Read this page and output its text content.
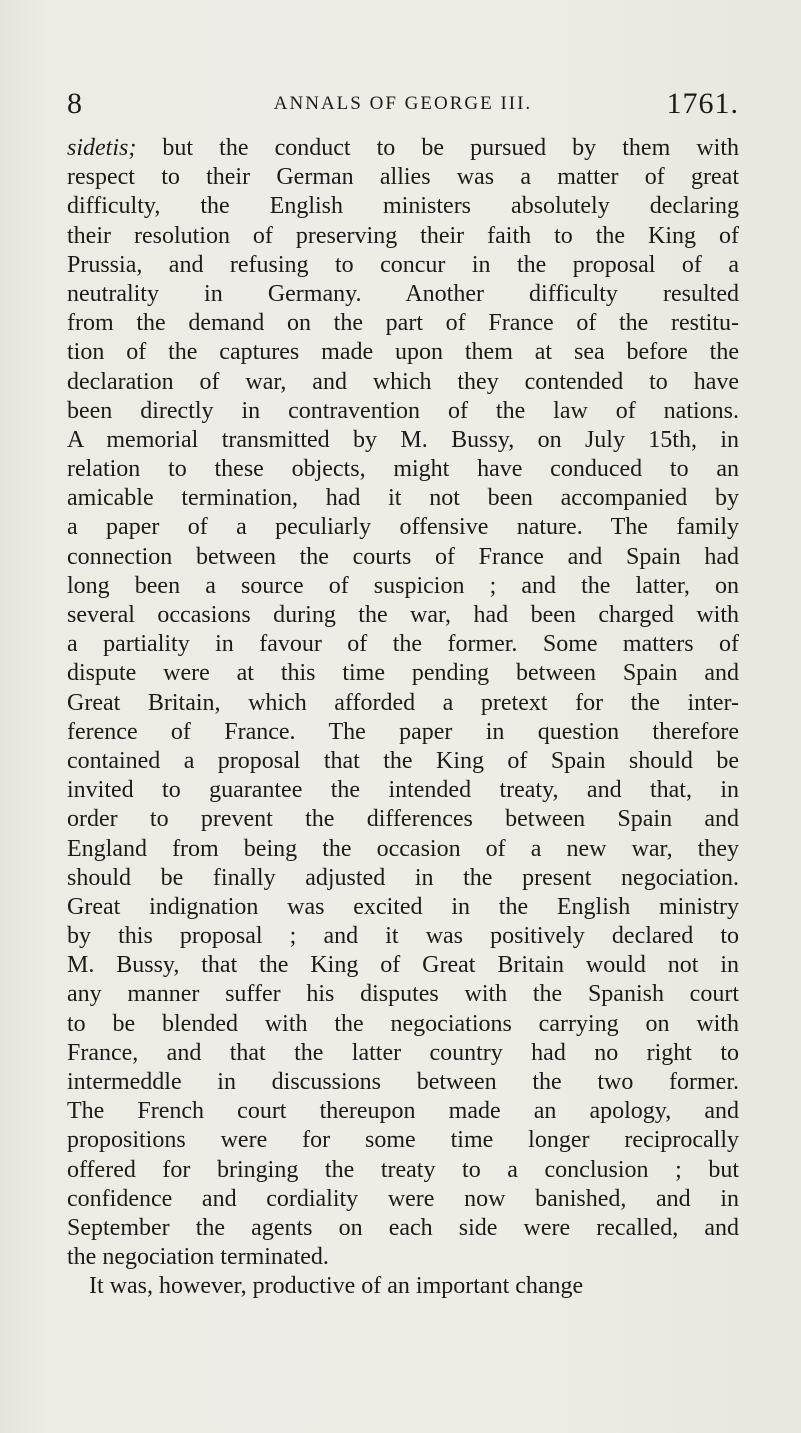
8	ANNALS OF GEORGE III.	1761.
sidetis; but the conduct to be pursued by them with
respect to their German allies was a matter of great
difficulty, the English ministers absolutely declaring
their resolution of preserving their faith to the King of
Prussia, and refusing to concur in the proposal of a
neutrality in Germany. Another difficulty resulted
from the demand on the part of France of the restitu-
tion of the captures made upon them at sea before the
declaration of war, and which they contended to have
been directly in contravention of the law of nations.
A memorial transmitted by M. Bussy, on July 15th, in
relation to these objects, might have conduced to an
amicable termination, had it not been accompanied by
a paper of a peculiarly offensive nature. The family
connection between the courts of France and Spain had
long been a source of suspicion ; and the latter, on
several occasions during the war, had been charged with
a partiality in favour of the former. Some matters of
dispute were at this time pending between Spain and
Great Britain, which afforded a pretext for the inter-
ference of France. The paper in question therefore
contained a proposal that the King of Spain should be
invited to guarantee the intended treaty, and that, in
order to prevent the differences between Spain and
England from being the occasion of a new war, they
should be finally adjusted in the present negociation.
Great indignation was excited in the English ministry
by this proposal ; and it was positively declared to
M. Bussy, that the King of Great Britain would not in
any manner suffer his disputes with the Spanish court
to be blended with the negociations carrying on with
France, and that the latter country had no right to
intermeddle in discussions between the two former.
The French court thereupon made an apology, and
propositions were for some time longer reciprocally
offered for bringing the treaty to a conclusion ; but
confidence and cordiality were now banished, and in
September the agents on each side were recalled, and
the negociation terminated.
It was, however, productive of an important change
